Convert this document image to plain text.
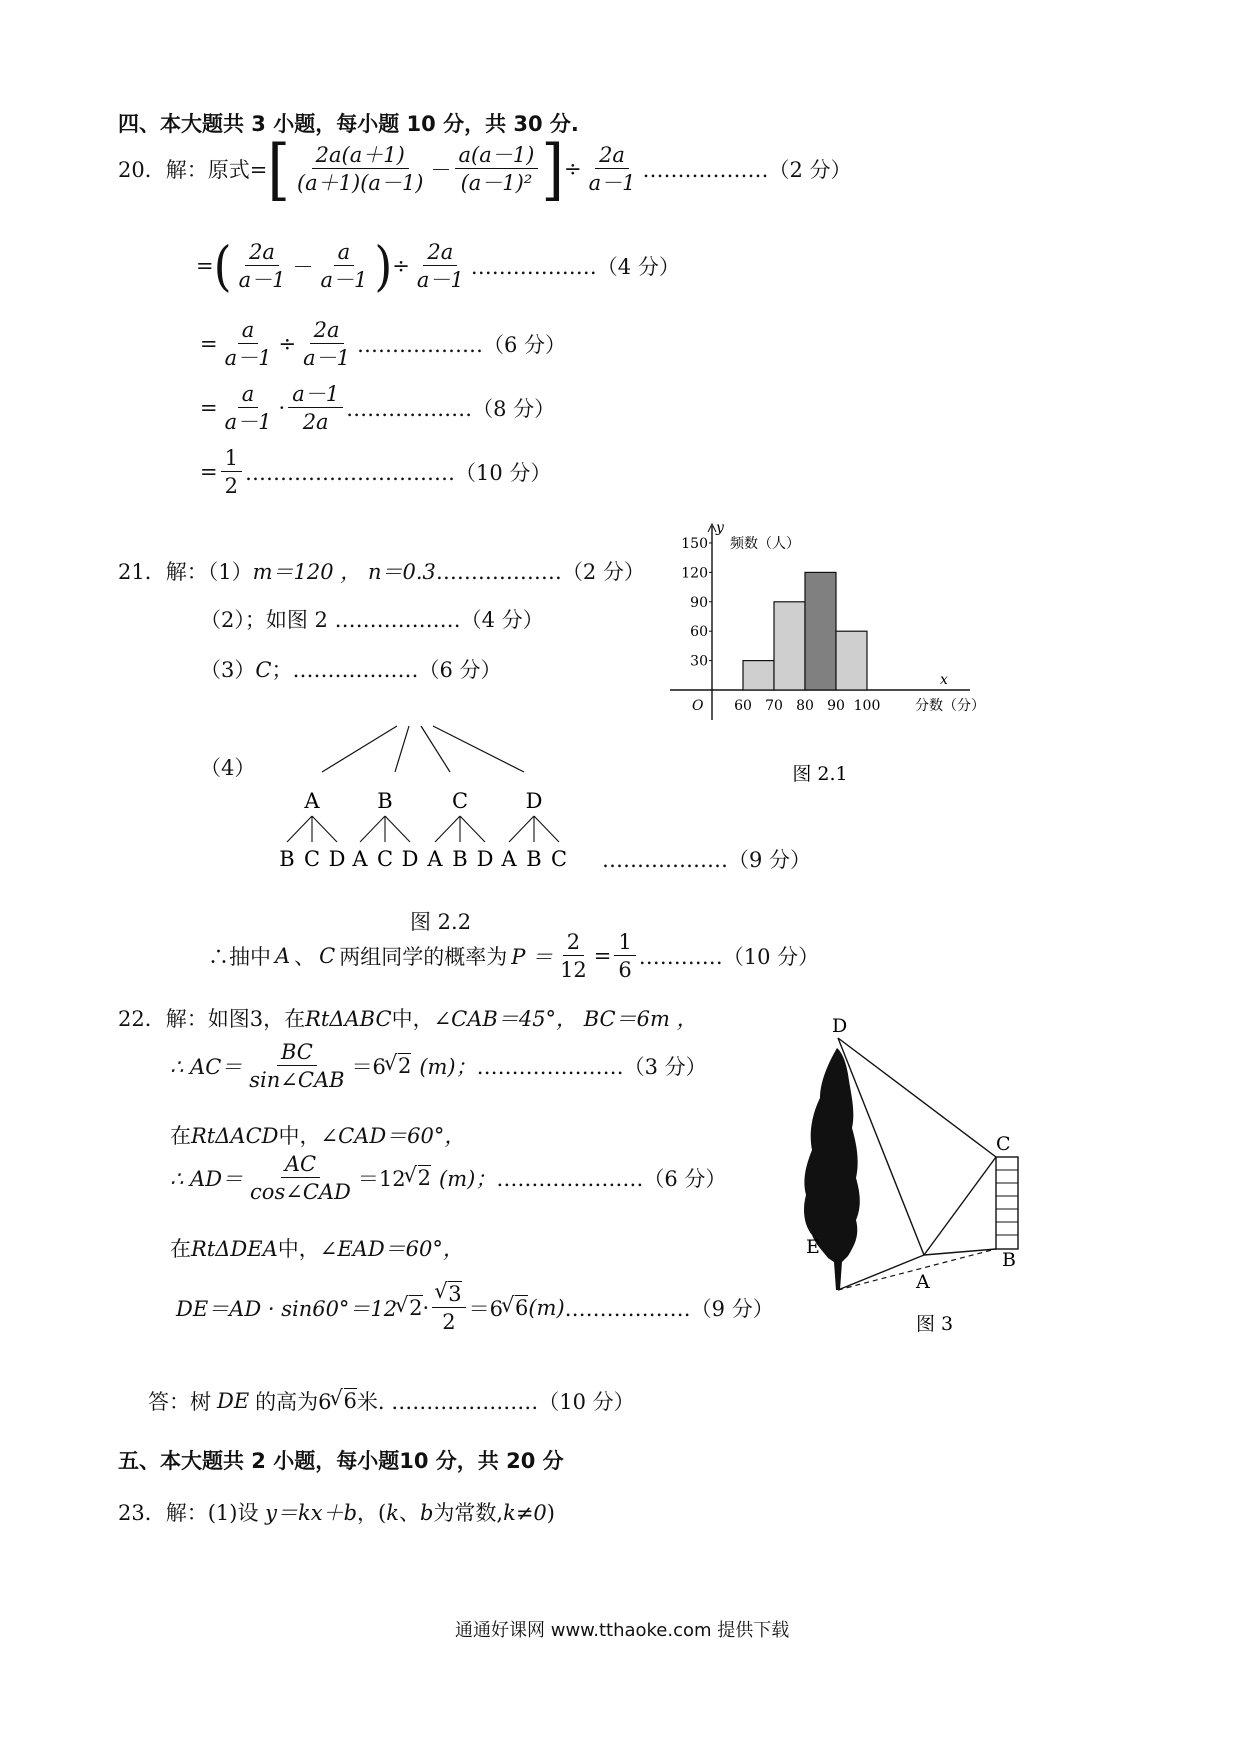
四、本大题共 3 小题，每小题 10 分，共 30 分.
20．解：原式= [ $\frac{2a(a+1)}{(a+1)(a-1)} - \frac{a(a-1)}{\text{(a－1)²}}$ ] ÷ $\frac{2a}{a-1}$ ………………（2 分）
= ( $\frac{2a}{a-1} - \frac{a}{a-1}$ ) ÷ $\frac{2a}{a-1}$ ………………（4 分）
= $\frac{a}{a-1} \div \frac{2a}{a-1}$ ………………（6 分）
= $\frac{a}{a-1} \cdot \frac{a-1}{2a}$ ………………（8 分）
= $\frac{1}{2}$ …………………………（10 分）
21．解：（1）m＝120 ， n＝0.3………………（2 分）
（2）；如图 2 ………………（4 分）
（3）C；………………（6 分）
（4）
y
频数（人）
x
O
30
60
90
120
150
60 70 80 90 100 分数（分）
图 2.1
A	B	C	D
B C D A C D A B D A B C ………………（9 分）
图 2.2
∴抽中 A 、 C 两组同学的概率为 $P = \frac{2}{12} = \frac{1}{6}$ …………（10 分）
22．解：如图3，在RtΔABC中，∠CAB＝45°， BC＝6m ，
∴ $AC= \frac{BC}{\text{sin∠CAB}} =6$ √ 2 (m)； …………………（3 分）
在RtΔACD中，∠CAD＝60°，
∴ $AD= \frac{AC}{\text{cos∠CAD}} =12$ √ 2 (m)； …………………（6 分）
在RtΔDEA中，∠EAD＝60°，
DE＝AD · sin60°＝12 √ 2 · √ $\frac{3}{2} =6$ √ 6 (m) ………………（9 分）
答：树 DE 的高为6 √ 6 米. …………………（10 分）
D
C
E
A
B
图 3
五、本大题共 2 小题，每小题10 分，共 20 分
23．解：(1)设 y＝kx＋b，(k、b为常数,k≠0)
通通好课网 www.tthaoke.com 提供下载
